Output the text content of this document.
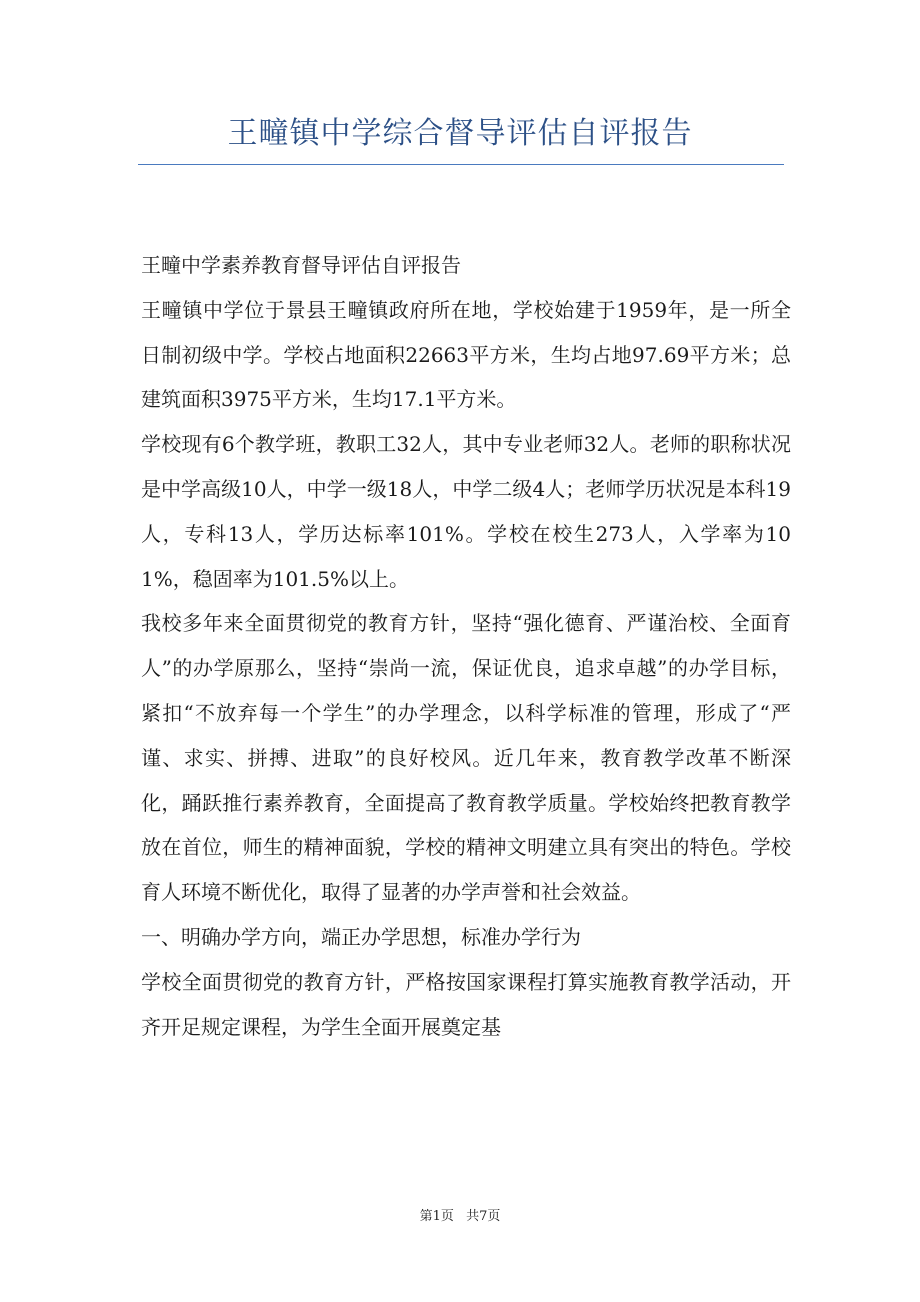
王疃镇中学综合督导评估自评报告

王疃中学素养教育督导评估自评报告

王疃镇中学位于景县王疃镇政府所在地，学校始建于1959年，是一所全日制初级中学。学校占地面积22663平方米，生均占地97.69平方米；总建筑面积3975平方米，生均17.1平方米。

学校现有6个教学班，教职工32人，其中专业老师32人。老师的职称状况是中学高级10人，中学一级18人，中学二级4人；老师学历状况是本科19人，专科13人，学历达标率101%。学校在校生273人，入学率为101%，稳固率为101.5%以上。

我校多年来全面贯彻党的教育方针，坚持“强化德育、严谨治校、全面育人”的办学原那么，坚持“崇尚一流，保证优良，追求卓越”的办学目标，紧扣“不放弃每一个学生”的办学理念，以科学标准的管理，形成了“严谨、求实、拼搏、进取”的良好校风。近几年来，教育教学改革不断深化，踊跃推行素养教育，全面提高了教育教学质量。学校始终把教育教学放在首位，师生的精神面貌，学校的精神文明建立具有突出的特色。学校育人环境不断优化，取得了显著的办学声誉和社会效益。

一、明确办学方向，端正办学思想，标准办学行为

学校全面贯彻党的教育方针，严格按国家课程打算实施教育教学活动，开齐开足规定课程，为学生全面开展奠定基

第1页 共7页
